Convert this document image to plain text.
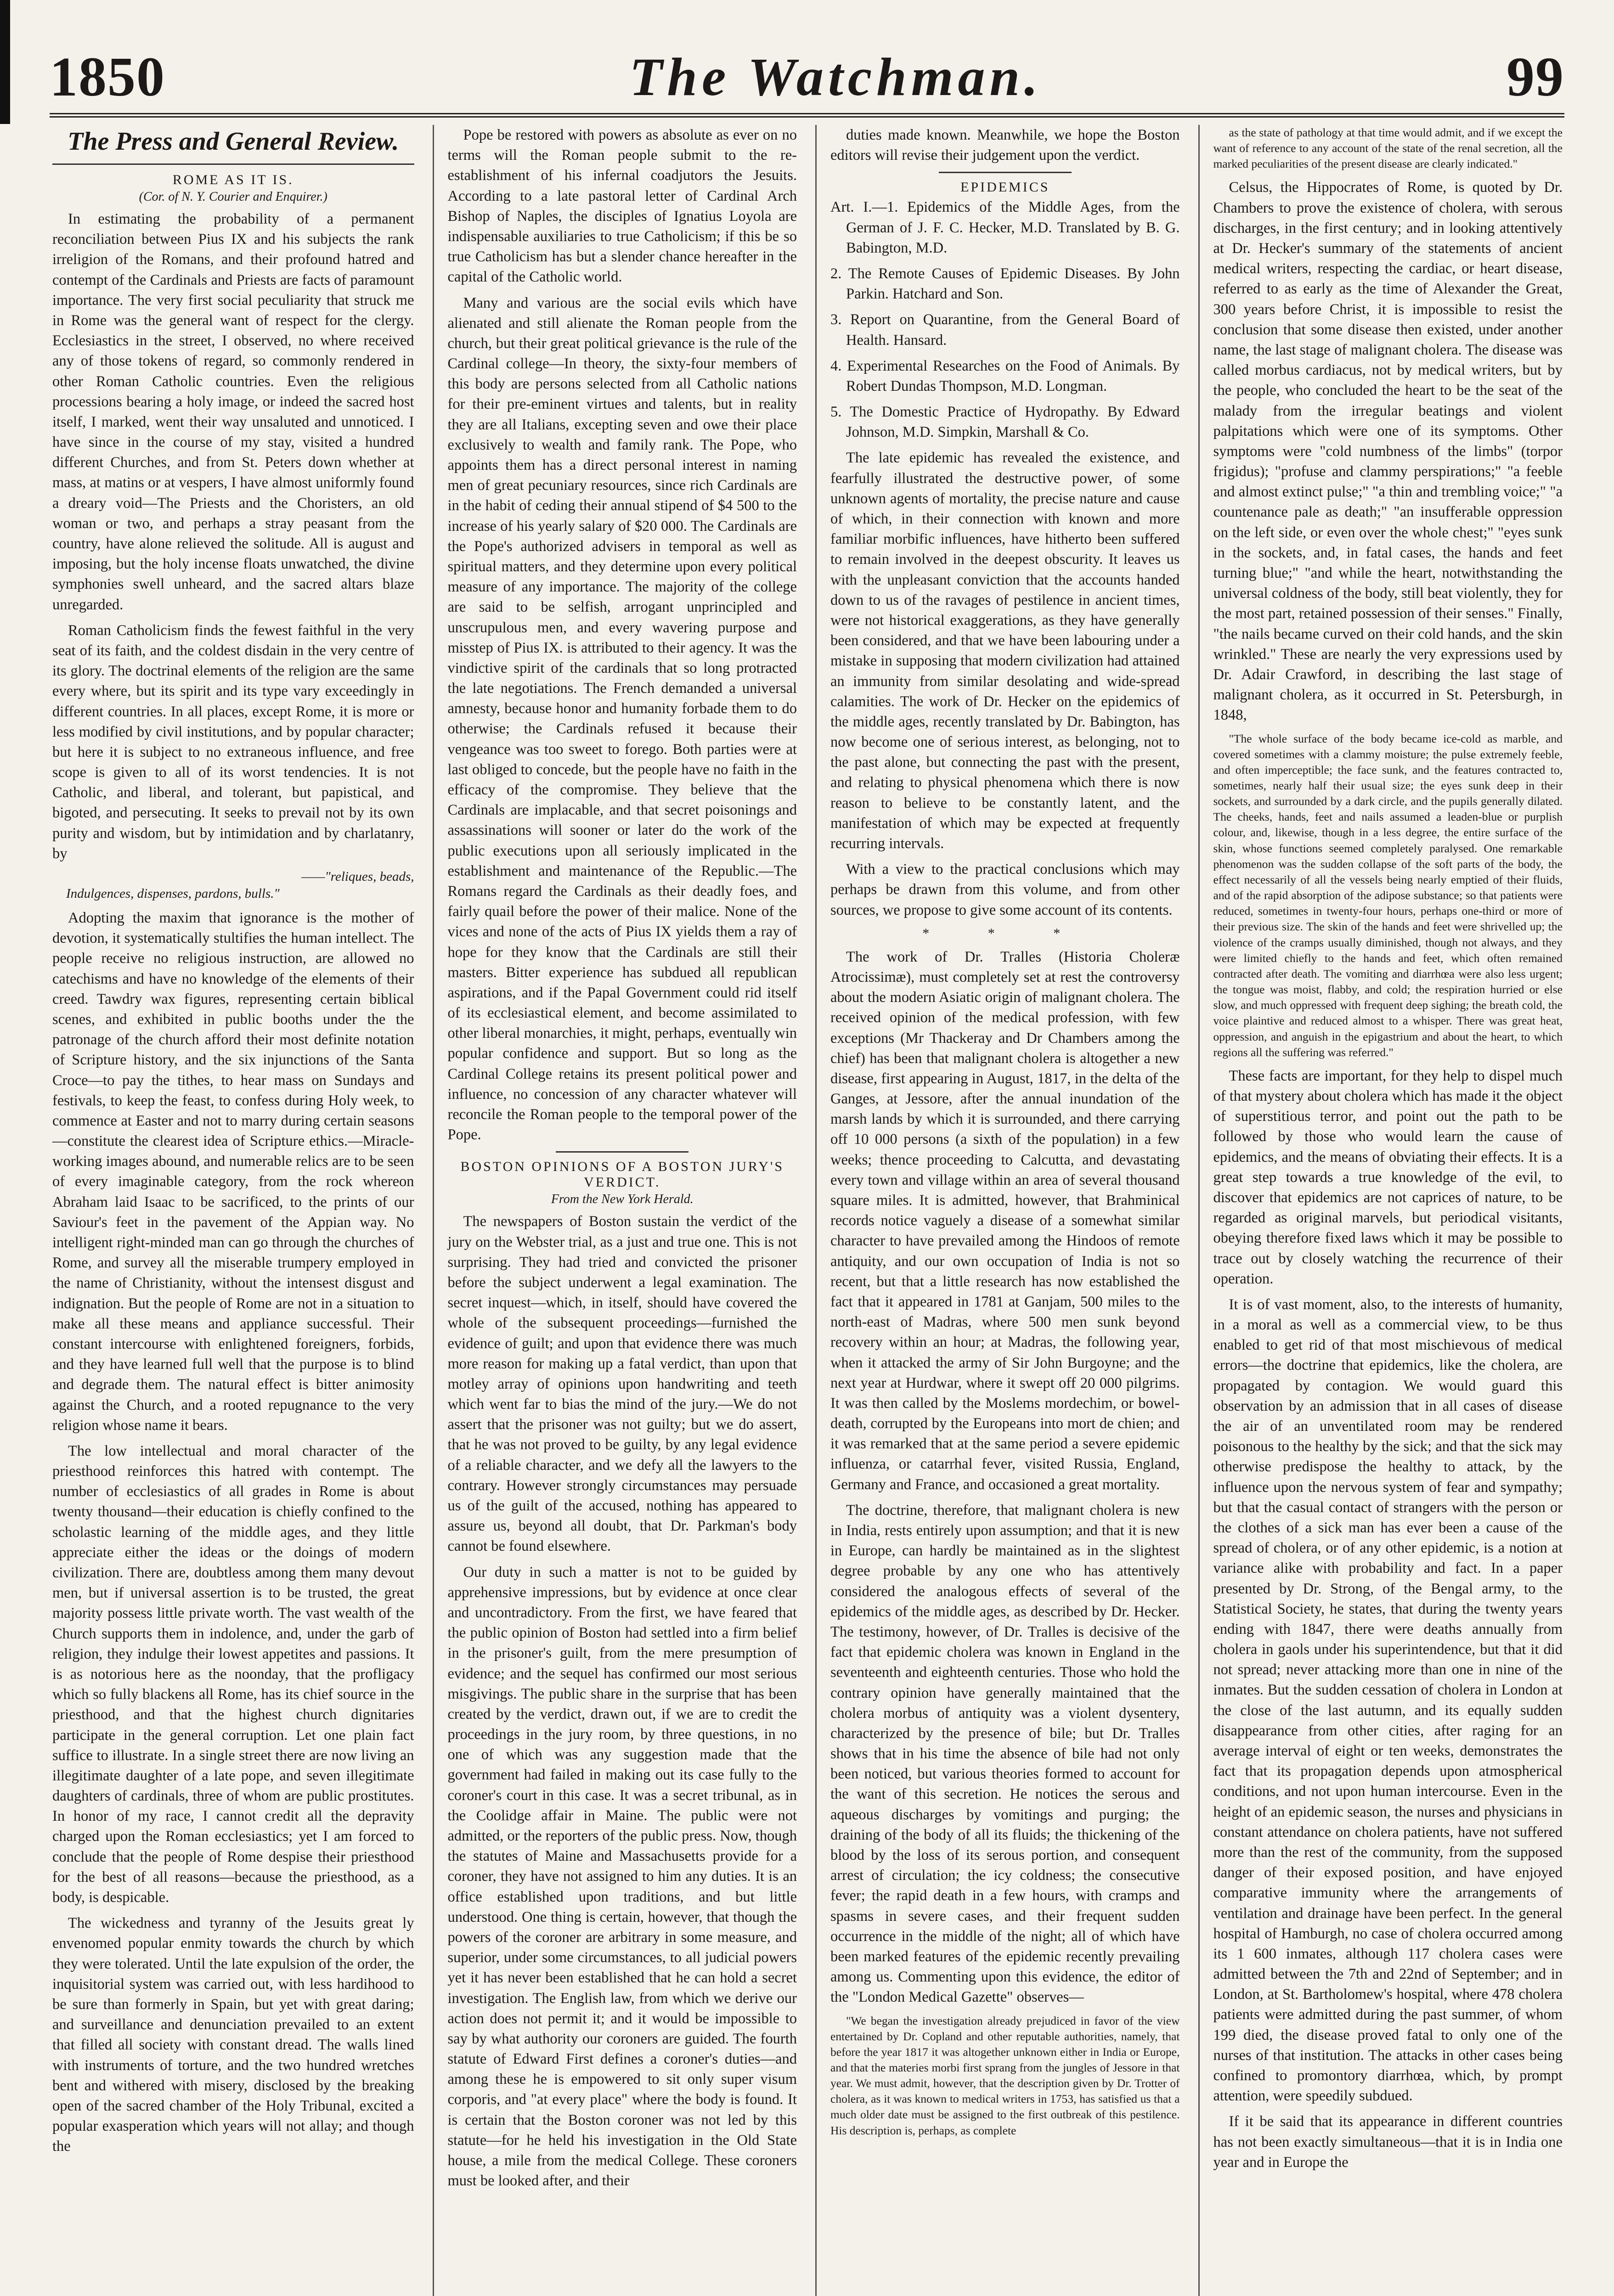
1850	The Watchman.	99
The Press and General Review.
ROME AS IT IS.
(Cor. of N. Y. Courier and Enquirer.)

In estimating the probability of a permanent reconciliation between Pius IX and his subjects the rank irreligion of the Romans, and their profound hatred and contempt of the Cardinals and Priests are facts of paramount importance. The very first social peculiarity that struck me in Rome was the general want of respect for the clergy. Ecclesiastics in the street, I observed, no where received any of those tokens of regard, so commonly rendered in other Roman Catholic countries. Even the religious processions bearing a holy image, or indeed the sacred host itself, I marked, went their way unsaluted and unnoticed. I have since in the course of my stay, visited a hundred different Churches, and from St. Peters down whether at mass, at matins or at vespers, I have almost uniformly found a dreary void—The Priests and the Choristers, an old woman or two, and perhaps a stray peasant from the country, have alone relieved the solitude. All is august and imposing, but the holy incense floats unwatched, the divine symphonies swell unheard, and the sacred altars blaze unregarded.

Roman Catholicism finds the fewest faithful in the very seat of its faith, and the coldest disdain in the very centre of its glory. The doctrinal elements of the religion are the same every where, but its spirit and its type vary exceedingly in different countries. In all places, except Rome, it is more or less modified by civil institutions, and by popular character; but here it is subject to no extraneous influence, and free scope is given to all of its worst tendencies. It is not Catholic, and liberal, and tolerant, but papistical, and bigoted, and persecuting. It seeks to prevail not by its own purity and wisdom, but by intimidation and by charlatanry, by

——"reliques, beads,
Indulgences, dispenses, pardons, bulls."

Adopting the maxim that ignorance is the mother of devotion, it systematically stultifies the human intellect. The people receive no religious instruction, are allowed no catechisms and have no knowledge of the elements of their creed. Tawdry wax figures, representing certain biblical scenes, and exhibited in public booths under the the patronage of the church afford their most definite notation of Scripture history, and the six injunctions of the Santa Croce—to pay the tithes, to hear mass on Sundays and festivals, to keep the feast, to confess during Holy week, to commence at Easter and not to marry during certain seasons—constitute the clearest idea of Scripture ethics.—Miracle-working images abound, and numerable relics are to be seen of every imaginable category, from the rock whereon Abraham laid Isaac to be sacrificed, to the prints of our Saviour's feet in the pavement of the Appian way. No intelligent right-minded man can go through the churches of Rome, and survey all the miserable trumpery employed in the name of Christianity, without the intensest disgust and indignation. But the people of Rome are not in a situation to make all these means and appliance successful. Their constant intercourse with enlightened foreigners, forbids, and they have learned full well that the purpose is to blind and degrade them. The natural effect is bitter animosity against the Church, and a rooted repugnance to the very religion whose name it bears.

The low intellectual and moral character of the priesthood reinforces this hatred with contempt. The number of ecclesiastics of all grades in Rome is about twenty thousand—their education is chiefly confined to the scholastic learning of the middle ages, and they little appreciate either the ideas or the doings of modern civilization. There are, doubtless among them many devout men, but if universal assertion is to be trusted, the great majority possess little private worth. The vast wealth of the Church supports them in indolence, and, under the garb of religion, they indulge their lowest appetites and passions. It is as notorious here as the noonday, that the profligacy which so fully blackens all Rome, has its chief source in the priesthood, and that the highest church dignitaries participate in the general corruption. Let one plain fact suffice to illustrate. In a single street there are now living an illegitimate daughter of a late pope, and seven illegitimate daughters of cardinals, three of whom are public prostitutes. In honor of my race, I cannot credit all the depravity charged upon the Roman ecclesiastics; yet I am forced to conclude that the people of Rome despise their priesthood for the best of all reasons—because the priesthood, as a body, is despicable.

The wickedness and tyranny of the Jesuits great ly envenomed popular enmity towards the church by which they were tolerated. Until the late expulsion of the order, the inquisitorial system was carried out, with less hardihood to be sure than formerly in Spain, but yet with great daring; and surveillance and denunciation prevailed to an extent that filled all society with constant dread. The walls lined with instruments of torture, and the two hundred wretches bent and withered with misery, disclosed by the breaking open of the sacred chamber of the Holy Tribunal, excited a popular exasperation which years will not allay; and though the

Pope be restored with powers as absolute as ever on no terms will the Roman people submit to the re-establishment of his infernal coadjutors the Jesuits. According to a late pastoral letter of Cardinal Arch Bishop of Naples, the disciples of Ignatius Loyola are indispensable auxiliaries to true Catholicism; if this be so true Catholicism has but a slender chance hereafter in the capital of the Catholic world.

Many and various are the social evils which have alienated and still alienate the Roman people from the church, but their great political grievance is the rule of the Cardinal college—In theory, the sixty-four members of this body are persons selected from all Catholic nations for their pre-eminent virtues and talents, but in reality they are all Italians, excepting seven and owe their place exclusively to wealth and family rank. The Pope, who appoints them has a direct personal interest in naming men of great pecuniary resources, since rich Cardinals are in the habit of ceding their annual stipend of $4 500 to the increase of his yearly salary of $20 000. The Cardinals are the Pope's authorized advisers in temporal as well as spiritual matters, and they determine upon every political measure of any importance. The majority of the college are said to be selfish, arrogant unprincipled and unscrupulous men, and every wavering purpose and misstep of Pius IX. is attributed to their agency. It was the vindictive spirit of the cardinals that so long protracted the late negotiations. The French demanded a universal amnesty, because honor and humanity forbade them to do otherwise; the Cardinals refused it because their vengeance was too sweet to forego. Both parties were at last obliged to concede, but the people have no faith in the efficacy of the compromise. They believe that the Cardinals are implacable, and that secret poisonings and assassinations will sooner or later do the work of the public executions upon all seriously implicated in the establishment and maintenance of the Republic.—The Romans regard the Cardinals as their deadly foes, and fairly quail before the power of their malice. None of the vices and none of the acts of Pius IX yields them a ray of hope for they know that the Cardinals are still their masters. Bitter experience has subdued all republican aspirations, and if the Papal Government could rid itself of its ecclesiastical element, and become assimilated to other liberal monarchies, it might, perhaps, eventually win popular confidence and support. But so long as the Cardinal College retains its present political power and influence, no concession of any character whatever will reconcile the Roman people to the temporal power of the Pope.

BOSTON OPINIONS OF A BOSTON JURY'S VERDICT.
From the New York Herald.

The newspapers of Boston sustain the verdict of the jury on the Webster trial, as a just and true one. This is not surprising. They had tried and convicted the prisoner before the subject underwent a legal examination. The secret inquest—which, in itself, should have covered the whole of the subsequent proceedings—furnished the evidence of guilt; and upon that evidence there was much more reason for making up a fatal verdict, than upon that motley array of opinions upon handwriting and teeth which went far to bias the mind of the jury.—We do not assert that the prisoner was not guilty; but we do assert, that he was not proved to be guilty, by any legal evidence of a reliable character, and we defy all the lawyers to the contrary. However strongly circumstances may persuade us of the guilt of the accused, nothing has appeared to assure us, beyond all doubt, that Dr. Parkman's body cannot be found elsewhere.

Our duty in such a matter is not to be guided by apprehensive impressions, but by evidence at once clear and uncontradictory. From the first, we have feared that the public opinion of Boston had settled into a firm belief in the prisoner's guilt, from the mere presumption of evidence; and the sequel has confirmed our most serious misgivings. The public share in the surprise that has been created by the verdict, drawn out, if we are to credit the proceedings in the jury room, by three questions, in no one of which was any suggestion made that the government had failed in making out its case fully to the coroner's court in this case. It was a secret tribunal, as in the Coolidge affair in Maine. The public were not admitted, or the reporters of the public press. Now, though the statutes of Maine and Massachusetts provide for a coroner, they have not assigned to him any duties. It is an office established upon traditions, and but little understood. One thing is certain, however, that though the powers of the coroner are arbitrary in some measure, and superior, under some circumstances, to all judicial powers yet it has never been established that he can hold a secret investigation. The English law, from which we derive our action does not permit it; and it would be impossible to say by what authority our coroners are guided. The fourth statute of Edward First defines a coroner's duties—and among these he is empowered to sit only super visum corporis, and "at every place" where the body is found. It is certain that the Boston coroner was not led by this statute—for he held his investigation in the Old State house, a mile from the medical College. These coroners must be looked after, and their

duties made known. Meanwhile, we hope the Boston editors will revise their judgement upon the verdict.

EPIDEMICS

Art. I.—1. Epidemics of the Middle Ages, from the German of J. F. C. Hecker, M.D. Translated by B. G. Babington, M.D.

2. The Remote Causes of Epidemic Diseases. By John Parkin. Hatchard and Son.

3. Report on Quarantine, from the General Board of Health. Hansard.

4. Experimental Researches on the Food of Animals. By Robert Dundas Thompson, M.D. Longman.

5. The Domestic Practice of Hydropathy. By Edward Johnson, M.D. Simpkin, Marshall & Co.

The late epidemic has revealed the existence, and fearfully illustrated the destructive power, of some unknown agents of mortality, the precise nature and cause of which, in their connection with known and more familiar morbific influences, have hitherto been suffered to remain involved in the deepest obscurity. It leaves us with the unpleasant conviction that the accounts handed down to us of the ravages of pestilence in ancient times, were not historical exaggerations, as they have generally been considered, and that we have been labouring under a mistake in supposing that modern civilization had attained an immunity from similar desolating and wide-spread calamities. The work of Dr. Hecker on the epidemics of the middle ages, recently translated by Dr. Babington, has now become one of serious interest, as belonging, not to the past alone, but connecting the past with the present, and relating to physical phenomena which there is now reason to believe to be constantly latent, and the manifestation of which may be expected at frequently recurring intervals.

With a view to the practical conclusions which may perhaps be drawn from this volume, and from other sources, we propose to give some account of its contents.

* * *

The work of Dr. Tralles (Historia Choleræ Atrocissimæ), must completely set at rest the controversy about the modern Asiatic origin of malignant cholera. The received opinion of the medical profession, with few exceptions (Mr Thackeray and Dr Chambers among the chief) has been that malignant cholera is altogether a new disease, first appearing in August, 1817, in the delta of the Ganges, at Jessore, after the annual inundation of the marsh lands by which it is surrounded, and there carrying off 10 000 persons (a sixth of the population) in a few weeks; thence proceeding to Calcutta, and devastating every town and village within an area of several thousand square miles. It is admitted, however, that Brahminical records notice vaguely a disease of a somewhat similar character to have prevailed among the Hindoos of remote antiquity, and our own occupation of India is not so recent, but that a little research has now established the fact that it appeared in 1781 at Ganjam, 500 miles to the north-east of Madras, where 500 men sunk beyond recovery within an hour; at Madras, the following year, when it attacked the army of Sir John Burgoyne; and the next year at Hurdwar, where it swept off 20 000 pilgrims. It was then called by the Moslems mordechim, or bowel-death, corrupted by the Europeans into mort de chien; and it was remarked that at the same period a severe epidemic influenza, or catarrhal fever, visited Russia, England, Germany and France, and occasioned a great mortality.

The doctrine, therefore, that malignant cholera is new in India, rests entirely upon assumption; and that it is new in Europe, can hardly be maintained as in the slightest degree probable by any one who has attentively considered the analogous effects of several of the epidemics of the middle ages, as described by Dr. Hecker. The testimony, however, of Dr. Tralles is decisive of the fact that epidemic cholera was known in England in the seventeenth and eighteenth centuries. Those who hold the contrary opinion have generally maintained that the cholera morbus of antiquity was a violent dysentery, characterized by the presence of bile; but Dr. Tralles shows that in his time the absence of bile had not only been noticed, but various theories formed to account for the want of this secretion. He notices the serous and aqueous discharges by vomitings and purging; the draining of the body of all its fluids; the thickening of the blood by the loss of its serous portion, and consequent arrest of circulation; the icy coldness; the consecutive fever; the rapid death in a few hours, with cramps and spasms in severe cases, and their frequent sudden occurrence in the middle of the night; all of which have been marked features of the epidemic recently prevailing among us. Commenting upon this evidence, the editor of the "London Medical Gazette" observes—

"We began the investigation already prejudiced in favor of the view entertained by Dr. Copland and other reputable authorities, namely, that before the year 1817 it was altogether unknown either in India or Europe, and that the materies morbi first sprang from the jungles of Jessore in that year. We must admit, however, that the description given by Dr. Trotter of cholera, as it was known to medical writers in 1753, has satisfied us that a much older date must be assigned to the first outbreak of this pestilence. His description is, perhaps, as complete

as the state of pathology at that time would admit, and if we except the want of reference to any account of the state of the renal secretion, all the marked peculiarities of the present disease are clearly indicated."

Celsus, the Hippocrates of Rome, is quoted by Dr. Chambers to prove the existence of cholera, with serous discharges, in the first century; and in looking attentively at Dr. Hecker's summary of the statements of ancient medical writers, respecting the cardiac, or heart disease, referred to as early as the time of Alexander the Great, 300 years before Christ, it is impossible to resist the conclusion that some disease then existed, under another name, the last stage of malignant cholera. The disease was called morbus cardiacus, not by medical writers, but by the people, who concluded the heart to be the seat of the malady from the irregular beatings and violent palpitations which were one of its symptoms. Other symptoms were "cold numbness of the limbs" (torpor frigidus); "profuse and clammy perspirations;" "a feeble and almost extinct pulse;" "a thin and trembling voice;" "a countenance pale as death;" "an insufferable oppression on the left side, or even over the whole chest;" "eyes sunk in the sockets, and, in fatal cases, the hands and feet turning blue;" "and while the heart, notwithstanding the universal coldness of the body, still beat violently, they for the most part, retained possession of their senses." Finally, "the nails became curved on their cold hands, and the skin wrinkled." These are nearly the very expressions used by Dr. Adair Crawford, in describing the last stage of malignant cholera, as it occurred in St. Petersburgh, in 1848,

"The whole surface of the body became ice-cold as marble, and covered sometimes with a clammy moisture; the pulse extremely feeble, and often imperceptible; the face sunk, and the features contracted to, sometimes, nearly half their usual size; the eyes sunk deep in their sockets, and surrounded by a dark circle, and the pupils generally dilated. The cheeks, hands, feet and nails assumed a leaden-blue or purplish colour, and, likewise, though in a less degree, the entire surface of the skin, whose functions seemed completely paralysed. One remarkable phenomenon was the sudden collapse of the soft parts of the body, the effect necessarily of all the vessels being nearly emptied of their fluids, and of the rapid absorption of the adipose substance; so that patients were reduced, sometimes in twenty-four hours, perhaps one-third or more of their previous size. The skin of the hands and feet were shrivelled up; the violence of the cramps usually diminished, though not always, and they were limited chiefly to the hands and feet, which often remained contracted after death. The vomiting and diarrhœa were also less urgent; the tongue was moist, flabby, and cold; the respiration hurried or else slow, and much oppressed with frequent deep sighing; the breath cold, the voice plaintive and reduced almost to a whisper. There was great heat, oppression, and anguish in the epigastrium and about the heart, to which regions all the suffering was referred."

These facts are important, for they help to dispel much of that mystery about cholera which has made it the object of superstitious terror, and point out the path to be followed by those who would learn the cause of epidemics, and the means of obviating their effects. It is a great step towards a true knowledge of the evil, to discover that epidemics are not caprices of nature, to be regarded as original marvels, but periodical visitants, obeying therefore fixed laws which it may be possible to trace out by closely watching the recurrence of their operation.

It is of vast moment, also, to the interests of humanity, in a moral as well as a commercial view, to be thus enabled to get rid of that most mischievous of medical errors—the doctrine that epidemics, like the cholera, are propagated by contagion. We would guard this observation by an admission that in all cases of disease the air of an unventilated room may be rendered poisonous to the healthy by the sick; and that the sick may otherwise predispose the healthy to attack, by the influence upon the nervous system of fear and sympathy; but that the casual contact of strangers with the person or the clothes of a sick man has ever been a cause of the spread of cholera, or of any other epidemic, is a notion at variance alike with probability and fact. In a paper presented by Dr. Strong, of the Bengal army, to the Statistical Society, he states, that during the twenty years ending with 1847, there were deaths annually from cholera in gaols under his superintendence, but that it did not spread; never attacking more than one in nine of the inmates. But the sudden cessation of cholera in London at the close of the last autumn, and its equally sudden disappearance from other cities, after raging for an average interval of eight or ten weeks, demonstrates the fact that its propagation depends upon atmospherical conditions, and not upon human intercourse. Even in the height of an epidemic season, the nurses and physicians in constant attendance on cholera patients, have not suffered more than the rest of the community, from the supposed danger of their exposed position, and have enjoyed comparative immunity where the arrangements of ventilation and drainage have been perfect. In the general hospital of Hamburgh, no case of cholera occurred among its 1 600 inmates, although 117 cholera cases were admitted between the 7th and 22nd of September; and in London, at St. Bartholomew's hospital, where 478 cholera patients were admitted during the past summer, of whom 199 died, the disease proved fatal to only one of the nurses of that institution. The attacks in other cases being confined to promontory diarrhœa, which, by prompt attention, were speedily subdued.

If it be said that its appearance in different countries has not been exactly simultaneous—that it is in India one year and in Europe the
